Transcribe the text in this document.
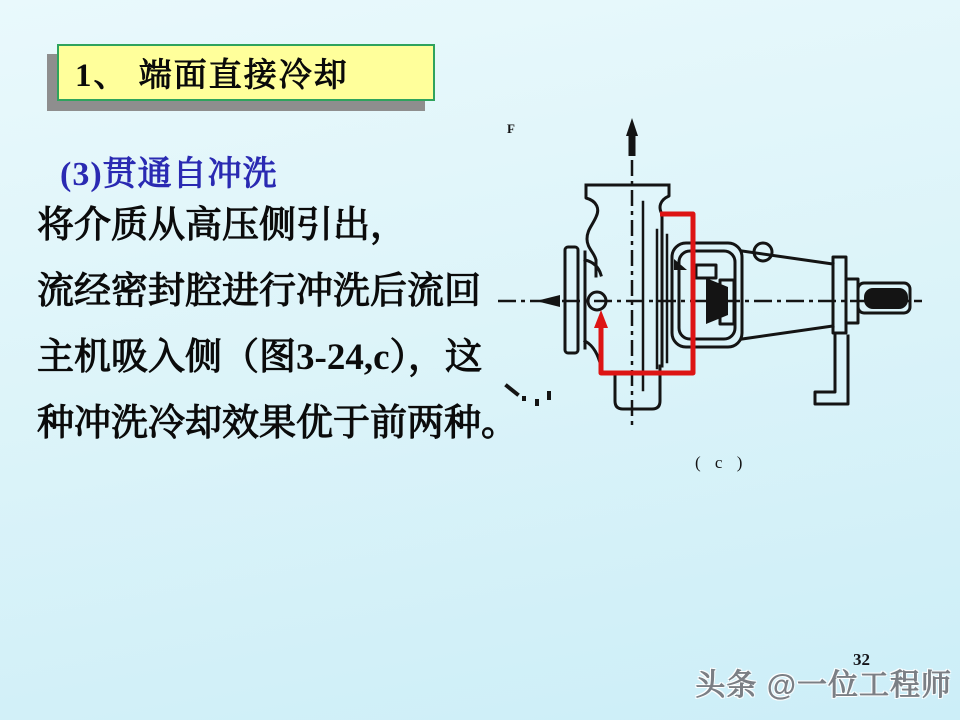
1、 端面直接冷却
(3)贯通自冲洗
将介质从高压侧引出，
流经密封腔进行冲洗后流回
主机吸入侧（图3-24,c），这
种冲洗冷却效果优于前两种。
F
( c )
32
头条 @一位工程师
